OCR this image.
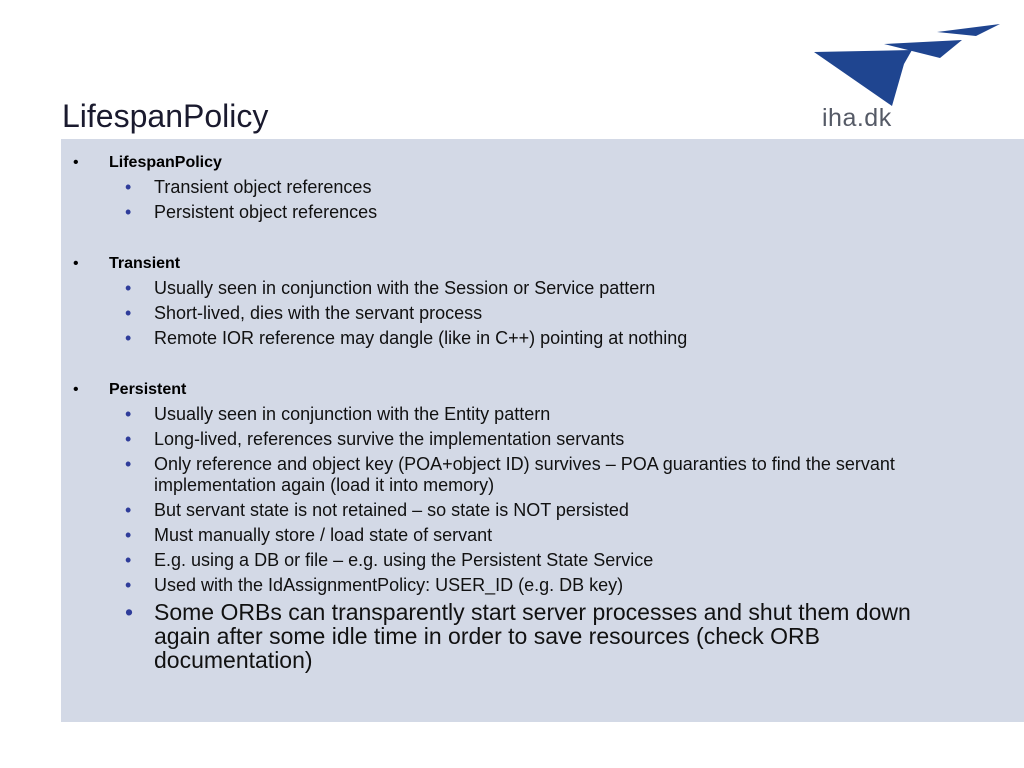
LifespanPolicy	iha.dk
• LifespanPolicy
• Transient object references
• Persistent object references
• Transient
• Usually seen in conjunction with the Session or Service pattern
• Short-lived, dies with the servant process
• Remote IOR reference may dangle (like in C++) pointing at nothing
• Persistent
• Usually seen in conjunction with the Entity pattern
• Long-lived, references survive the implementation servants
• Only reference and object key (POA+object ID) survives – POA guaranties to find the servant implementation again (load it into memory)
• But servant state is not retained – so state is NOT persisted
• Must manually store / load state of servant
• E.g. using a DB or file – e.g. using the Persistent State Service
• Used with the IdAssignmentPolicy: USER_ID (e.g. DB key)
• Some ORBs can transparently start server processes and shut them down again after some idle time in order to save resources (check ORB documentation)
